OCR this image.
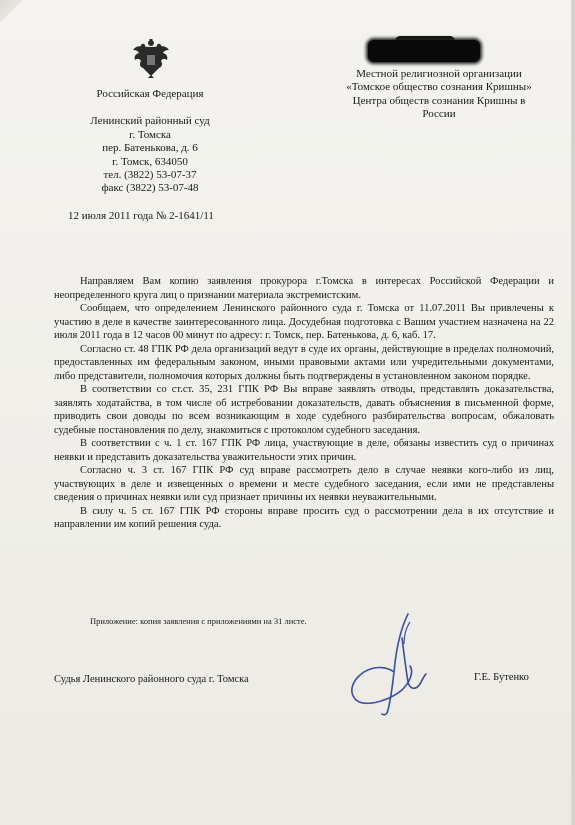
Российская Федерация
Ленинский районный суд
г. Томска
пер. Батенькова, д. 6
г. Томск, 634050
тел. (3822) 53-07-37
факс (3822) 53-07-48
12 июля 2011 года № 2-1641/11
Местной религиозной организации
«Томское общество сознания Кришны»
Центра обществ сознания Кришны в
России

Направляем Вам копию заявления прокурора г.Томска в интересах Российской Федерации и неопределенного круга лиц о признании материала экстремистским.

Сообщаем, что определением Ленинского районного суда г. Томска от 11.07.2011 Вы привлечены к участию в деле в качестве заинтересованного лица. Досудебная подготовка с Вашим участием назначена на 22 июля 2011 года в 12 часов 00 минут по адресу: г. Томск, пер. Батенькова, д. 6, каб. 17.

Согласно ст. 48 ГПК РФ дела организаций ведут в суде их органы, действующие в пределах полномочий, предоставленных им федеральным законом, иными правовыми актами или учредительными документами, либо представители, полномочия которых должны быть подтверждены в установленном законом порядке.

В соответствии со ст.ст. 35, 231 ГПК РФ Вы вправе заявлять отводы, представлять доказательства, заявлять ходатайства, в том числе об истребовании доказательств, давать объяснения в письменной форме, приводить свои доводы по всем возникающим в ходе судебного разбирательства вопросам, обжаловать судебные постановления по делу, знакомиться с протоколом судебного заседания.

В соответствии с ч. 1 ст. 167 ГПК РФ лица, участвующие в деле, обязаны известить суд о причинах неявки и представить доказательства уважительности этих причин.

Согласно ч. 3 ст. 167 ГПК РФ суд вправе рассмотреть дело в случае неявки кого-либо из лиц, участвующих в деле и извещенных о времени и месте судебного заседания, если ими не представлены сведения о причинах неявки или суд признает причины их неявки неуважительными.

В силу ч. 5 ст. 167 ГПК РФ стороны вправе просить суд о рассмотрении дела в их отсутствие и направлении им копий решения суда.

Приложение: копия заявления с приложениями на 31 листе.
Судья Ленинского районного суда г. Томска	Г.Е. Бутенко
